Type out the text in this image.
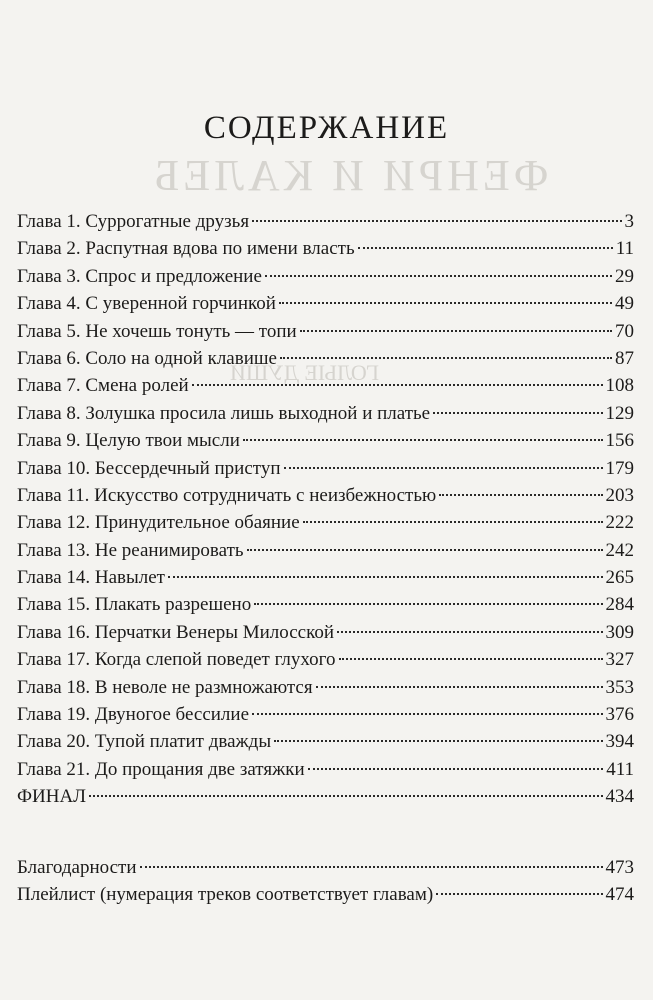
ФЕНРИ И КАЛЕБ
ГОЛЫЕ ДУШИ
СОДЕРЖАНИЕ
Глава 1. Суррогатные друзья	3
Глава 2. Распутная вдова по имени власть	11
Глава 3. Спрос и предложение	29
Глава 4. С уверенной горчинкой	49
Глава 5. Не хочешь тонуть — топи	70
Глава 6. Соло на одной клавише	87
Глава 7. Смена ролей	108
Глава 8. Золушка просила лишь выходной и платье	129
Глава 9. Целую твои мысли	156
Глава 10. Бессердечный приступ	179
Глава 11. Искусство сотрудничать с неизбежностью	203
Глава 12. Принудительное обаяние	222
Глава 13. Не реанимировать	242
Глава 14. Навылет	265
Глава 15. Плакать разрешено	284
Глава 16. Перчатки Венеры Милосской	309
Глава 17. Когда слепой поведет глухого	327
Глава 18. В неволе не размножаются	353
Глава 19. Двуногое бессилие	376
Глава 20. Тупой платит дважды	394
Глава 21. До прощания две затяжки	411
ФИНАЛ	434
Благодарности	473
Плейлист (нумерация треков соответствует главам)	474
